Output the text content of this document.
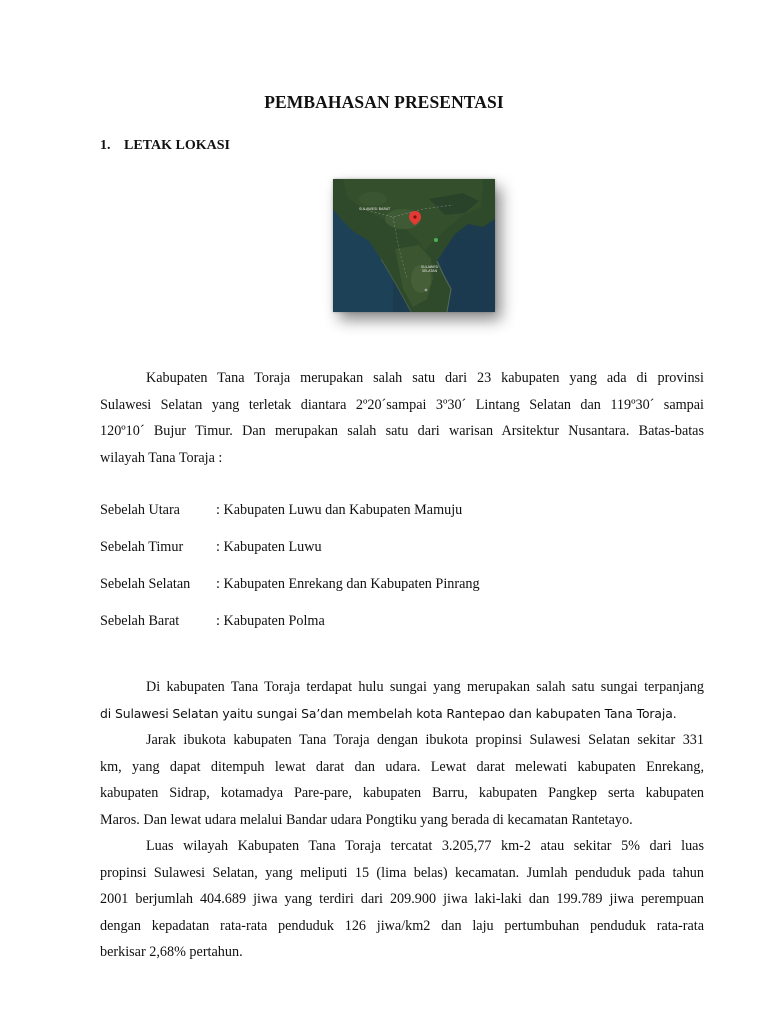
PEMBAHASAN PRESENTASI
1. LETAK LOKASI
SULAWESI BARAT
SULAWESI
SELATAN
Kabupaten Tana Toraja merupakan salah satu dari 23 kabupaten yang ada di provinsi
Sulawesi Selatan yang terletak diantara 2º20´sampai 3º30´ Lintang Selatan dan 119º30´ sampai
120º10´ Bujur Timur. Dan merupakan salah satu dari warisan Arsitektur Nusantara. Batas-batas
wilayah Tana Toraja :
Sebelah Utara	: Kabupaten Luwu dan Kabupaten Mamuju
Sebelah Timur : Kabupaten Luwu
Sebelah Selatan : Kabupaten Enrekang dan Kabupaten Pinrang
Sebelah Barat	: Kabupaten Polma
Di kabupaten Tana Toraja terdapat hulu sungai yang merupakan salah satu sungai terpanjang
di Sulawesi Selatan yaitu sungai Sa’dan membelah kota Rantepao dan kabupaten Tana Toraja.
Jarak ibukota kabupaten Tana Toraja dengan ibukota propinsi Sulawesi Selatan sekitar 331
km, yang dapat ditempuh lewat darat dan udara. Lewat darat melewati kabupaten Enrekang,
kabupaten Sidrap, kotamadya Pare-pare, kabupaten Barru, kabupaten Pangkep serta kabupaten
Maros. Dan lewat udara melalui Bandar udara Pongtiku yang berada di kecamatan Rantetayo.
Luas wilayah Kabupaten Tana Toraja tercatat 3.205,77 km-2 atau sekitar 5% dari luas
propinsi Sulawesi Selatan, yang meliputi 15 (lima belas) kecamatan. Jumlah penduduk pada tahun
2001 berjumlah 404.689 jiwa yang terdiri dari 209.900 jiwa laki-laki dan 199.789 jiwa perempuan
dengan kepadatan rata-rata penduduk 126 jiwa/km2 dan laju pertumbuhan penduduk rata-rata
berkisar 2,68% pertahun.
